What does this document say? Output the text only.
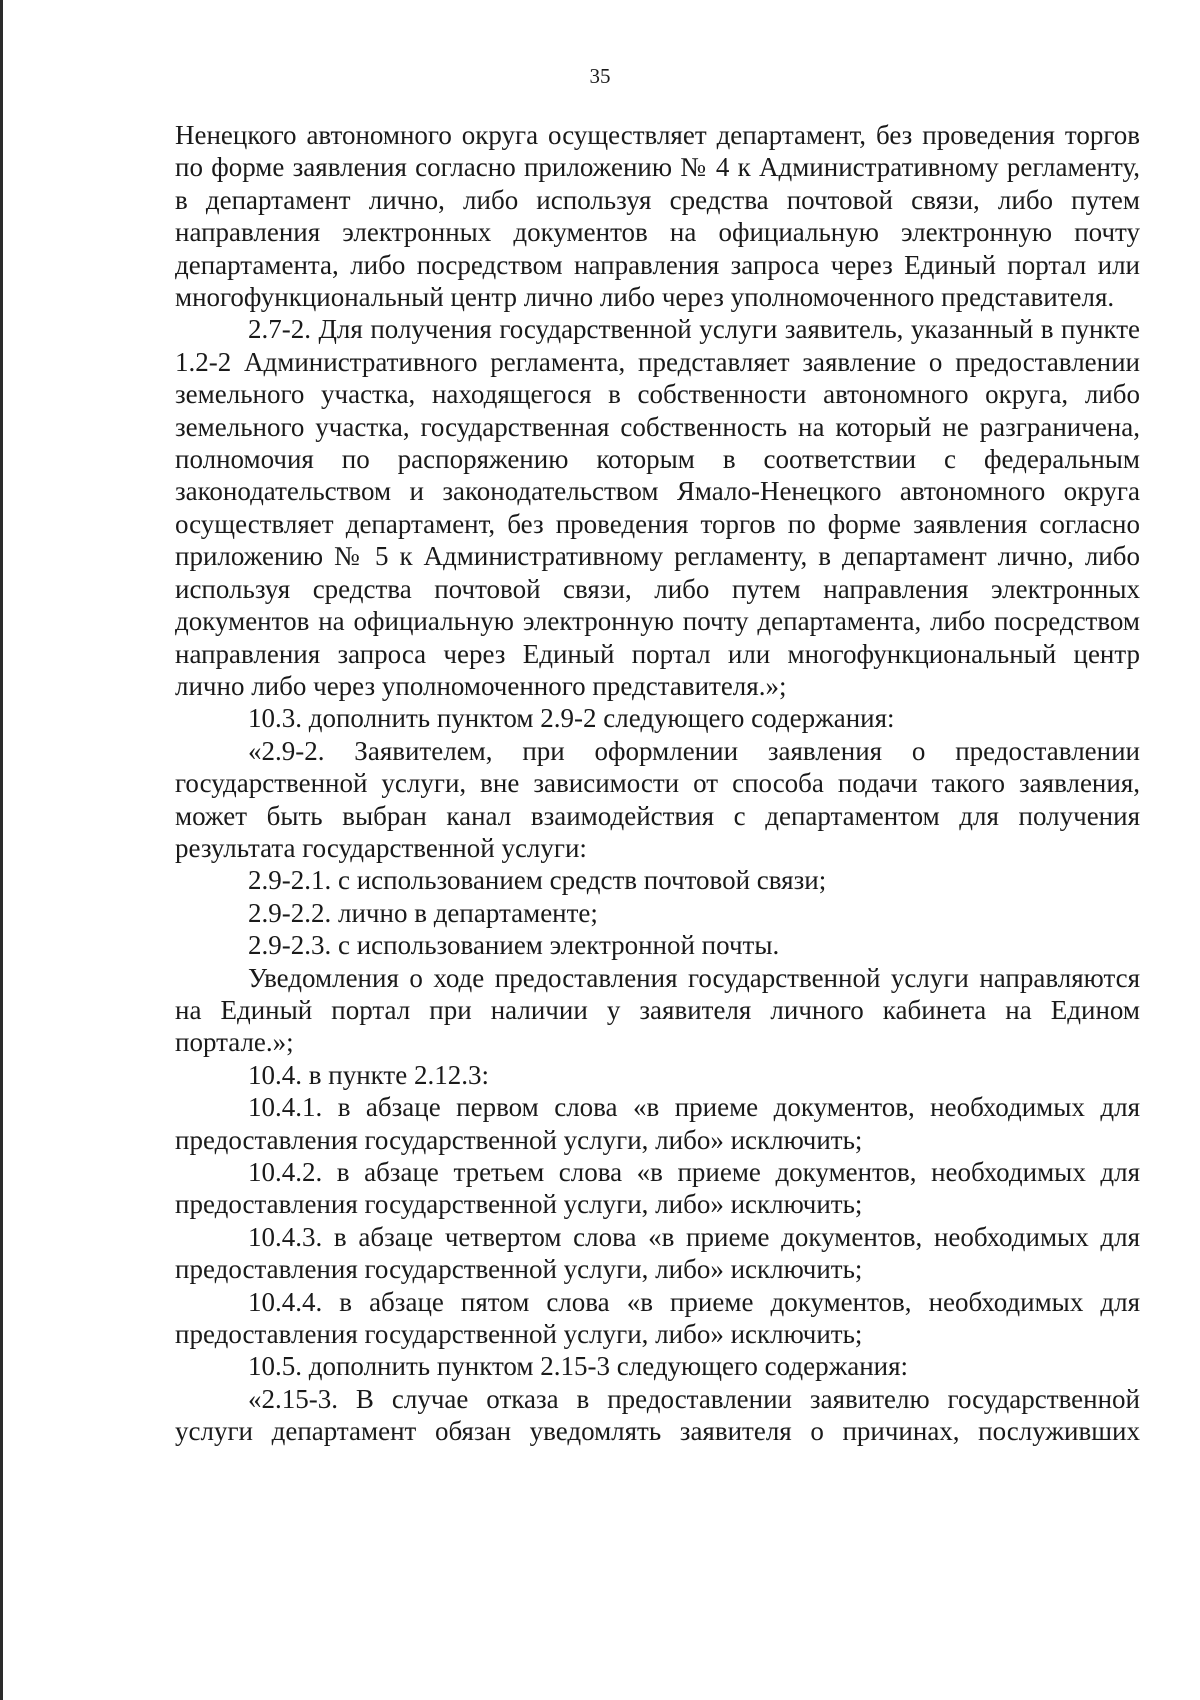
35

Ненецкого автономного округа осуществляет департамент, без проведения торгов по форме заявления согласно приложению № 4 к Административному регламенту, в департамент лично, либо используя средства почтовой связи, либо путем направления электронных документов на официальную электронную почту департамента, либо посредством направления запроса через Единый портал или многофункциональный центр лично либо через уполномоченного представителя.

2.7-2. Для получения государственной услуги заявитель, указанный в пункте 1.2-2 Административного регламента, представляет заявление о предоставлении земельного участка, находящегося в собственности автономного округа, либо земельного участка, государственная собственность на который не разграничена, полномочия по распоряжению которым в соответствии с федеральным законодательством и законодательством Ямало-Ненецкого автономного округа осуществляет департамент, без проведения торгов по форме заявления согласно приложению № 5 к Административному регламенту, в департамент лично, либо используя средства почтовой связи, либо путем направления электронных документов на официальную электронную почту департамента, либо посредством направления запроса через Единый портал или многофункциональный центр лично либо через уполномоченного представителя.»;

10.3. дополнить пунктом 2.9-2 следующего содержания:

«2.9-2. Заявителем, при оформлении заявления о предоставлении государственной услуги, вне зависимости от способа подачи такого заявления, может быть выбран канал взаимодействия с департаментом для получения результата государственной услуги:

2.9-2.1. с использованием средств почтовой связи;

2.9-2.2. лично в департаменте;

2.9-2.3. с использованием электронной почты.

Уведомления о ходе предоставления государственной услуги направляются на Единый портал при наличии у заявителя личного кабинета на Едином портале.»;

10.4. в пункте 2.12.3:

10.4.1. в абзаце первом слова «в приеме документов, необходимых для предоставления государственной услуги, либо» исключить;

10.4.2. в абзаце третьем слова «в приеме документов, необходимых для предоставления государственной услуги, либо» исключить;

10.4.3. в абзаце четвертом слова «в приеме документов, необходимых для предоставления государственной услуги, либо» исключить;

10.4.4. в абзаце пятом слова «в приеме документов, необходимых для предоставления государственной услуги, либо» исключить;

10.5. дополнить пунктом 2.15-3 следующего содержания:

«2.15-3. В случае отказа в предоставлении заявителю государственной услуги департамент обязан уведомлять заявителя о причинах, послуживших
